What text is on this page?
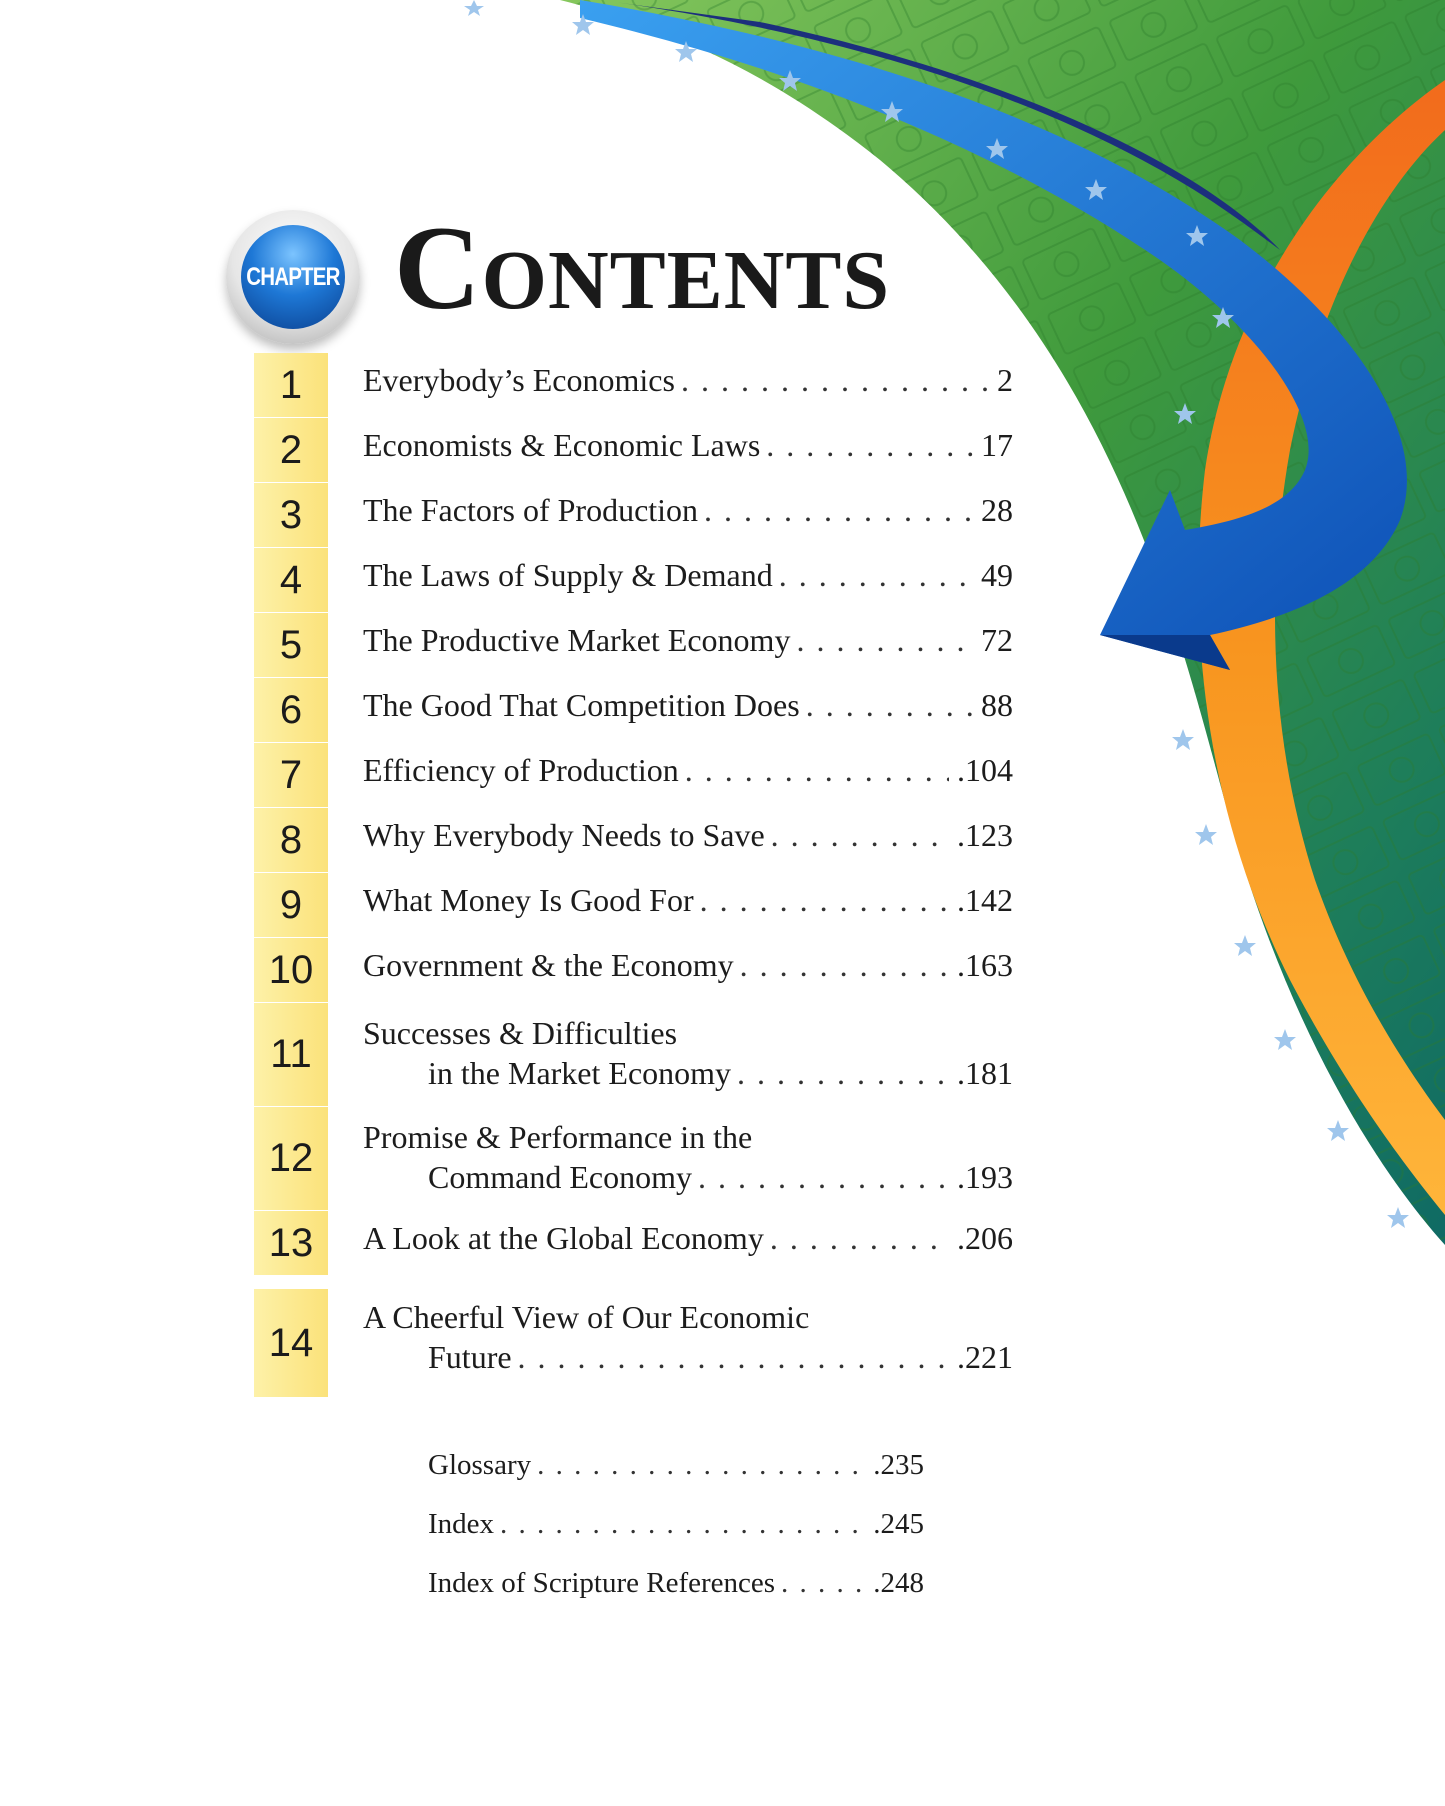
CHAPTER Contents
1	Everybody’s Economics . . .	2
2	Economists & Economic Laws . . .	17
3	The Factors of Production . . .	28
4	The Laws of Supply & Demand . . .	49
5	The Productive Market Economy . . .	72
6	The Good That Competition Does . . .	88
7	Efficiency of Production . . .	.104
8	Why Everybody Needs to Save . . .	.123
9	What Money Is Good For . . .	.142
10	Government & the Economy . . .	.163
11	Successes & Difficulties
in the Market Economy . . .	.181
12	Promise & Performance in the
Command Economy . . .	.193
13	A Look at the Global Economy . . .	.206
14
A Cheerful View of Our Economic
Future . . .	.221
Glossary . . .	.235
Index . . .	.245
Index of Scripture References . . .	.248
